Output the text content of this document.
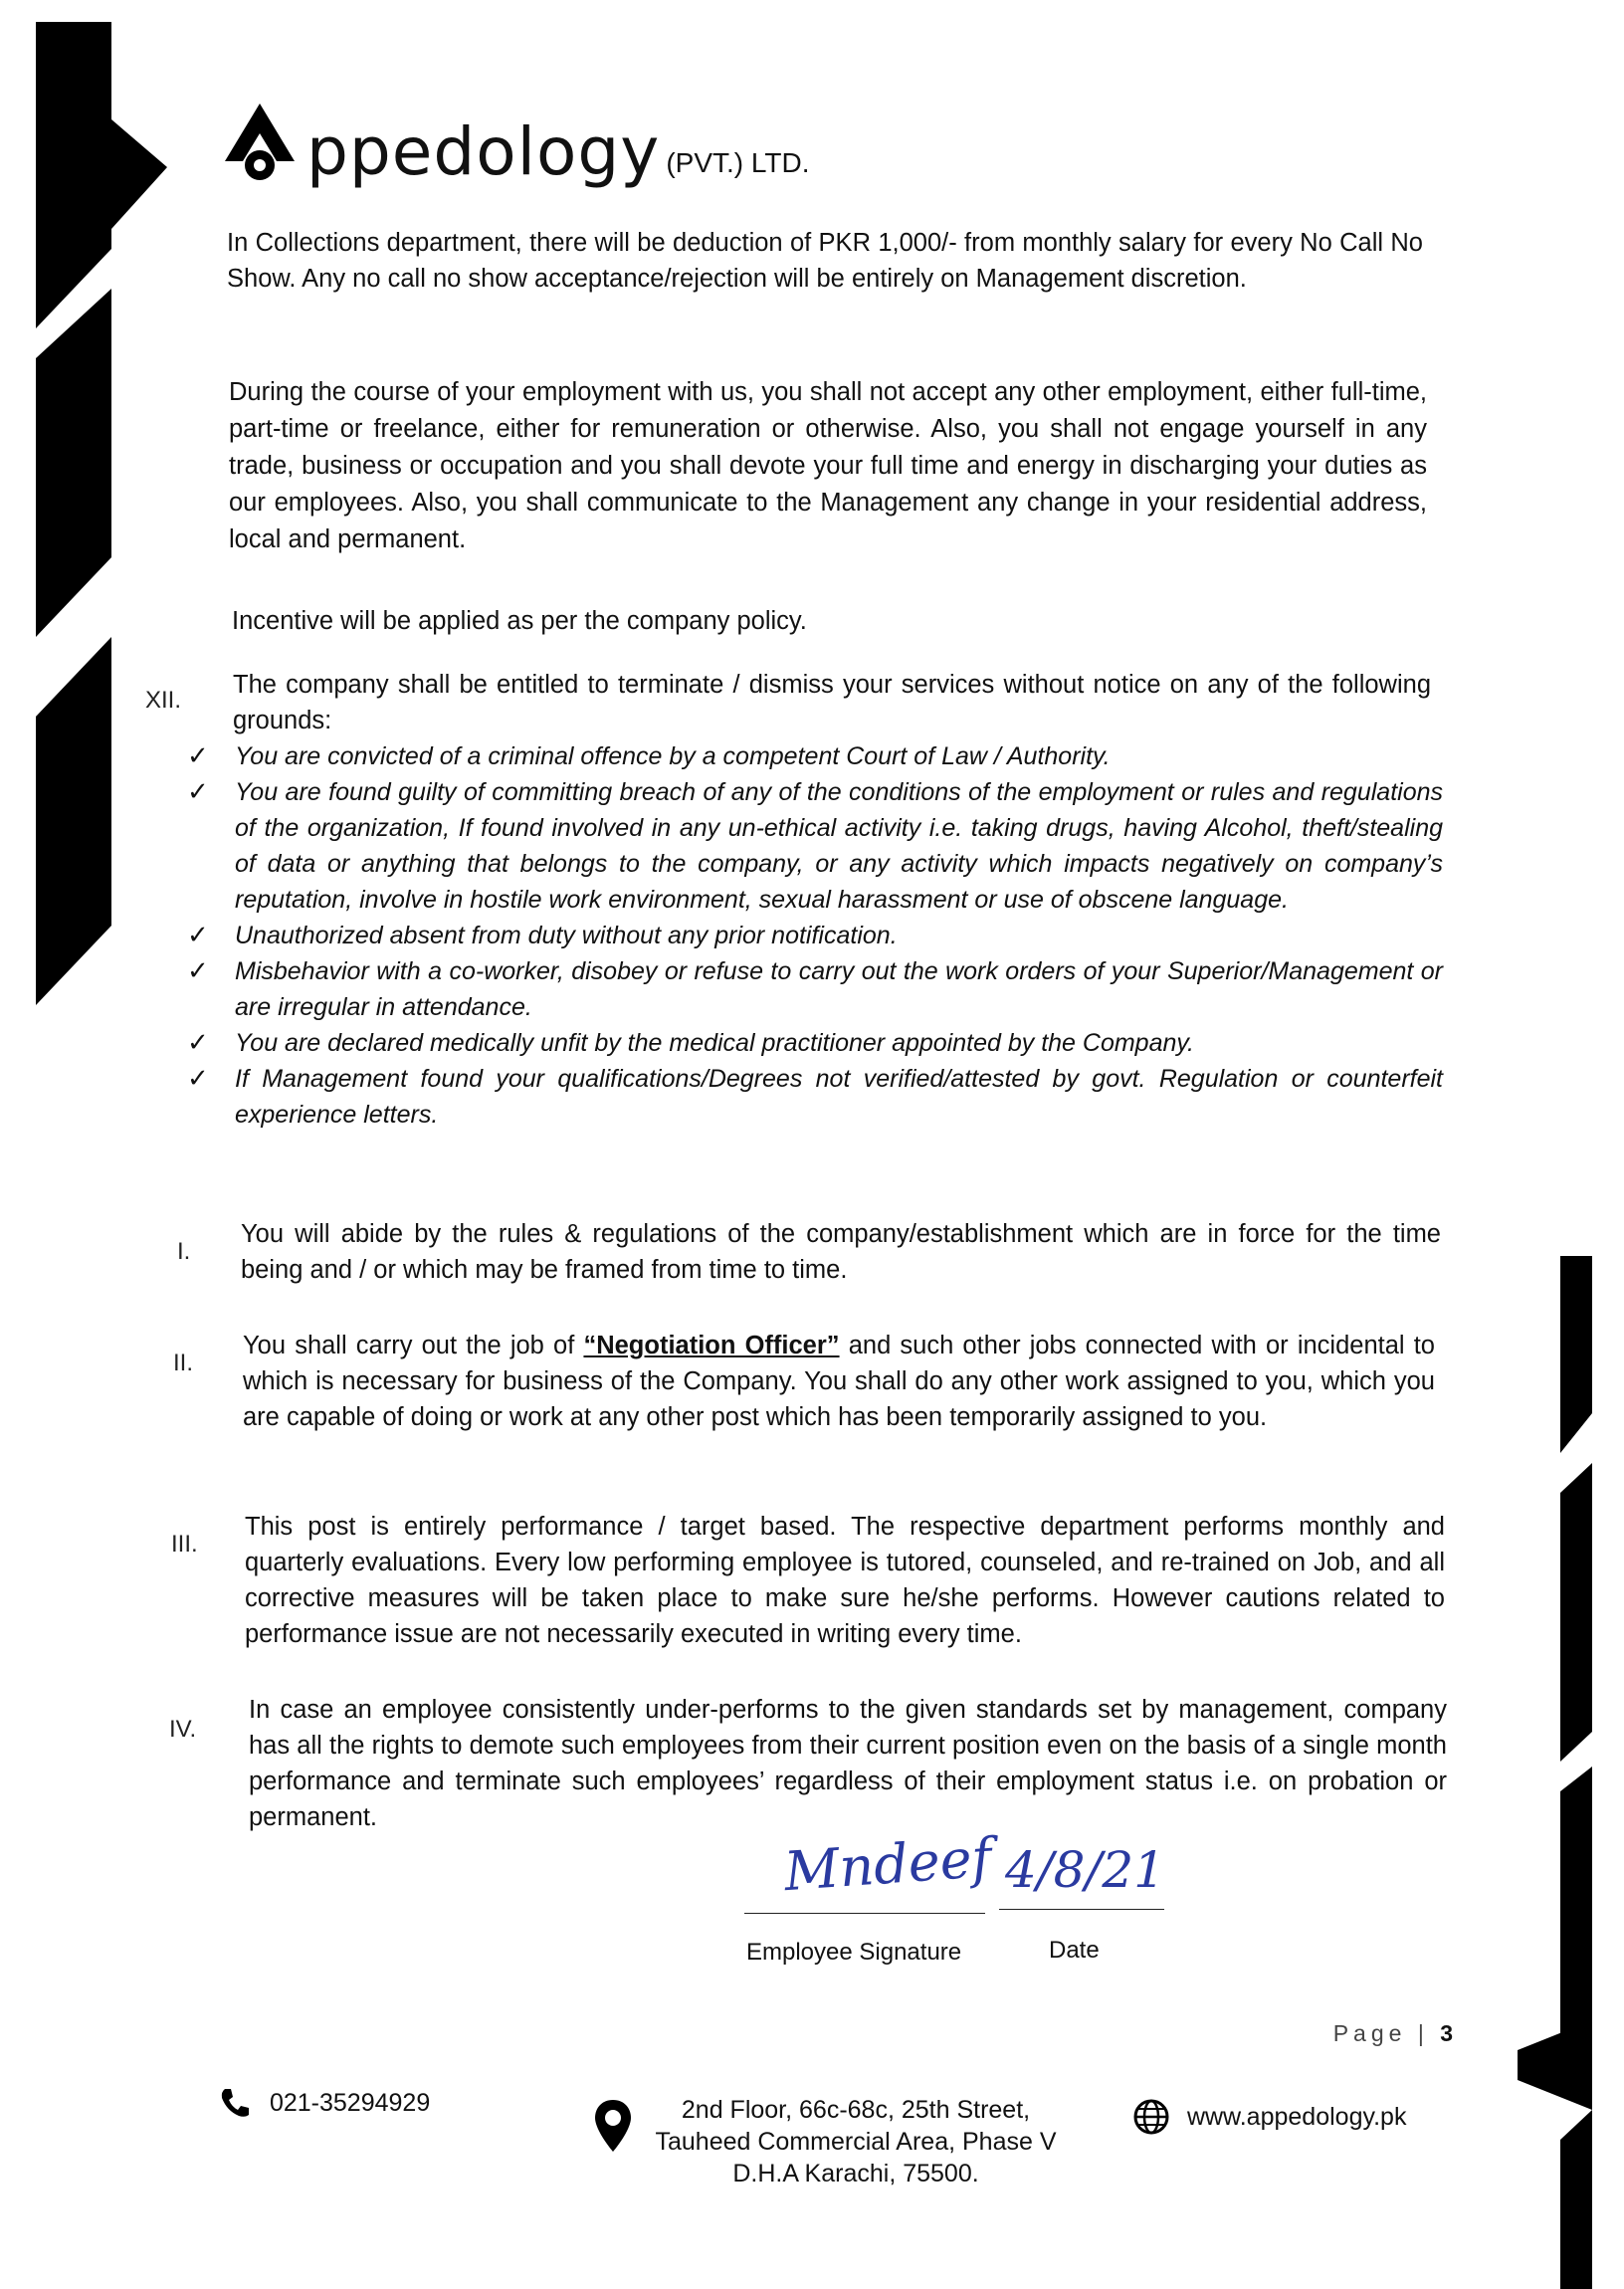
ppedology (PVT.) LTD.
In Collections department, there will be deduction of PKR 1,000/- from monthly salary for every No Call No Show. Any no call no show acceptance/rejection will be entirely on Management discretion.
During the course of your employment with us, you shall not accept any other employment, either full-time, part-time or freelance, either for remuneration or otherwise. Also, you shall not engage yourself in any trade, business or occupation and you shall devote your full time and energy in discharging your duties as our employees. Also, you shall communicate to the Management any change in your residential address, local and permanent.
Incentive will be applied as per the company policy.
XII.
The company shall be entitled to terminate / dismiss your services without notice on any of the following grounds:
✓	You are convicted of a criminal offence by a competent Court of Law / Authority.
✓	You are found guilty of committing breach of any of the conditions of the employment or rules and regulations of the organization, If found involved in any un-ethical activity i.e. taking drugs, having Alcohol, theft/stealing of data or anything that belongs to the company, or any activity which impacts negatively on company’s reputation, involve in hostile work environment, sexual harassment or use of obscene language.
✓	Unauthorized absent from duty without any prior notification.
✓	Misbehavior with a co-worker, disobey or refuse to carry out the work orders of your Superior/Management or are irregular in attendance.
✓	You are declared medically unfit by the medical practitioner appointed by the Company.
✓	If Management found your qualifications/Degrees not verified/attested by govt. Regulation or counterfeit experience letters.
I.
You will abide by the rules & regulations of the company/establishment which are in force for the time being and / or which may be framed from time to time.
II.
You shall carry out the job of “Negotiation Officer” and such other jobs connected with or incidental to which is necessary for business of the Company. You shall do any other work assigned to you, which you are capable of doing or work at any other post which has been temporarily assigned to you.
III.
This post is entirely performance / target based. The respective department performs monthly and quarterly evaluations. Every low performing employee is tutored, counseled, and re-trained on Job, and all corrective measures will be taken place to make sure he/she performs. However cautions related to performance issue are not necessarily executed in writing every time.
IV.
In case an employee consistently under-performs to the given standards set by management, company has all the rights to demote such employees from their current position even on the basis of a single month performance and terminate such employees’ regardless of their employment status i.e. on probation or permanent.
Mndeef 4/8/21
Employee Signature	Date
Page | 3
021-35294929	2nd Floor, 66c-68c, 25th Street,
Tauheed Commercial Area, Phase V
D.H.A Karachi, 75500.
www.appedology.pk
